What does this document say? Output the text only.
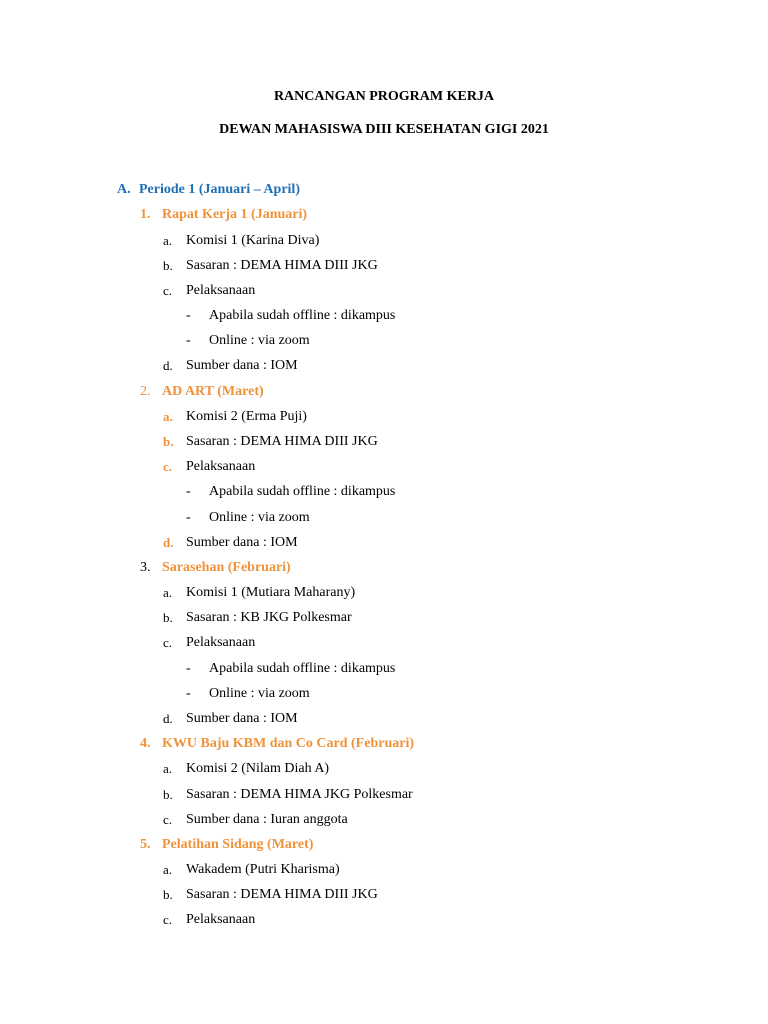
RANCANGAN PROGRAM KERJA
DEWAN MAHASISWA DIII KESEHATAN GIGI 2021
A. Periode 1 (Januari – April)
1. Rapat Kerja 1 (Januari)
a. Komisi 1 (Karina Diva)
b. Sasaran : DEMA HIMA DIII JKG
c. Pelaksanaan
- Apabila sudah offline : dikampus
- Online : via zoom
d. Sumber dana : IOM
2. AD ART (Maret)
a. Komisi 2 (Erma Puji)
b. Sasaran : DEMA HIMA DIII JKG
c. Pelaksanaan
- Apabila sudah offline : dikampus
- Online : via zoom
d. Sumber dana : IOM
3. Sarasehan (Februari)
a. Komisi 1 (Mutiara Maharany)
b. Sasaran : KB JKG Polkesmar
c. Pelaksanaan
- Apabila sudah offline : dikampus
- Online : via zoom
d. Sumber dana : IOM
4. KWU Baju KBM dan Co Card (Februari)
a. Komisi 2 (Nilam Diah A)
b. Sasaran : DEMA HIMA JKG Polkesmar
c. Sumber dana : Iuran anggota
5. Pelatihan Sidang (Maret)
a. Wakadem (Putri Kharisma)
b. Sasaran : DEMA HIMA DIII JKG
c. Pelaksanaan
